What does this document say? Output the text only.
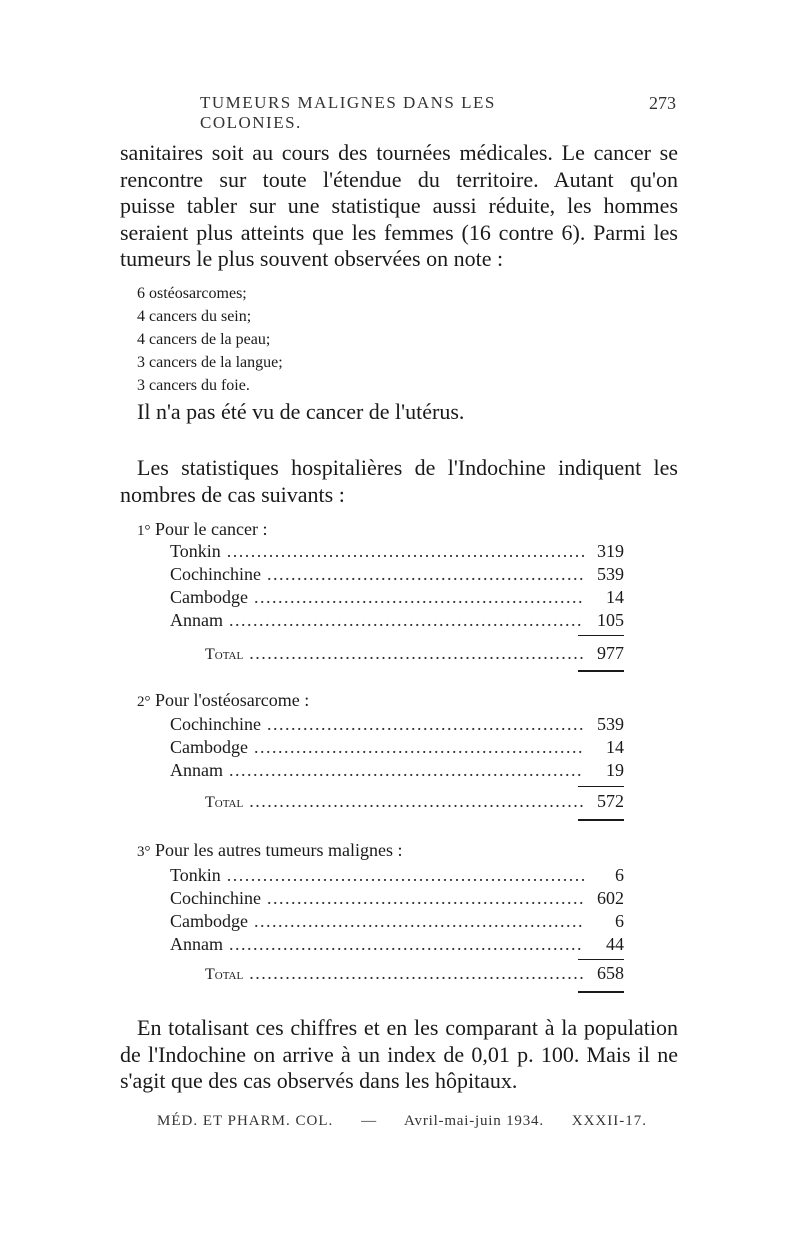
TUMEURS MALIGNES DANS LES COLONIES.
273
sanitaires soit au cours des tournées médicales. Le cancer se
rencontre sur toute l'étendue du territoire. Autant qu'on
puisse tabler sur une statistique aussi réduite, les hommes
seraient plus atteints que les femmes (16 contre 6). Parmi les
tumeurs le plus souvent observées on note :
6 ostéosarcomes;
4 cancers du sein;
4 cancers de la peau;
3 cancers de la langue;
3 cancers du foie.
Il n'a pas été vu de cancer de l'utérus.
Les statistiques hospitalières de l'Indochine indiquent les
nombres de cas suivants :
1° Pour le cancer :
Tonkin . . .	319
Cochinchine . . .	539
Cambodge . . .	14
Annam . . .	105
Total . . .	977
2° Pour l'ostéosarcome :
Cochinchine . . .	539
Cambodge . . .	14
Annam . . .	19
Total . . .	572
3° Pour les autres tumeurs malignes :
Tonkin . . .	6
Cochinchine . . .	602
Cambodge . . .	6
Annam . . .	44
Total . . .	658
En totalisant ces chiffres et en les comparant à la population
de l'Indochine on arrive à un index de 0,01 p. 100. Mais il ne
s'agit que des cas observés dans les hôpitaux.
MÉD. ET PHARM. COL. — Avril-mai-juin 1934. XXXII-17.
